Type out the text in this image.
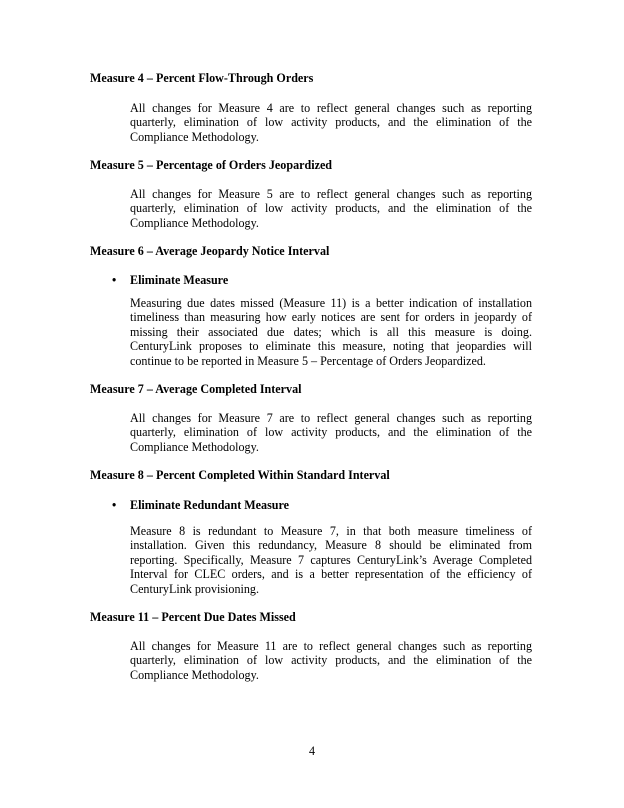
Measure 4 – Percent Flow-Through Orders
All changes for Measure 4 are to reflect general changes such as reporting
quarterly, elimination of low activity products, and the elimination of the
Compliance Methodology.
Measure 5 – Percentage of Orders Jeopardized
All changes for Measure 5 are to reflect general changes such as reporting
quarterly, elimination of low activity products, and the elimination of the
Compliance Methodology.
Measure 6 – Average Jeopardy Notice Interval
• Eliminate Measure
Measuring due dates missed (Measure 11) is a better indication of installation
timeliness than measuring how early notices are sent for orders in jeopardy of
missing their associated due dates; which is all this measure is doing.
CenturyLink proposes to eliminate this measure, noting that jeopardies will
continue to be reported in Measure 5 – Percentage of Orders Jeopardized.
Measure 7 – Average Completed Interval
All changes for Measure 7 are to reflect general changes such as reporting
quarterly, elimination of low activity products, and the elimination of the
Compliance Methodology.
Measure 8 – Percent Completed Within Standard Interval
• Eliminate Redundant Measure
Measure 8 is redundant to Measure 7, in that both measure timeliness of
installation. Given this redundancy, Measure 8 should be eliminated from
reporting. Specifically, Measure 7 captures CenturyLink’s Average Completed
Interval for CLEC orders, and is a better representation of the efficiency of
CenturyLink provisioning.
Measure 11 – Percent Due Dates Missed
All changes for Measure 11 are to reflect general changes such as reporting
quarterly, elimination of low activity products, and the elimination of the
Compliance Methodology.
4
